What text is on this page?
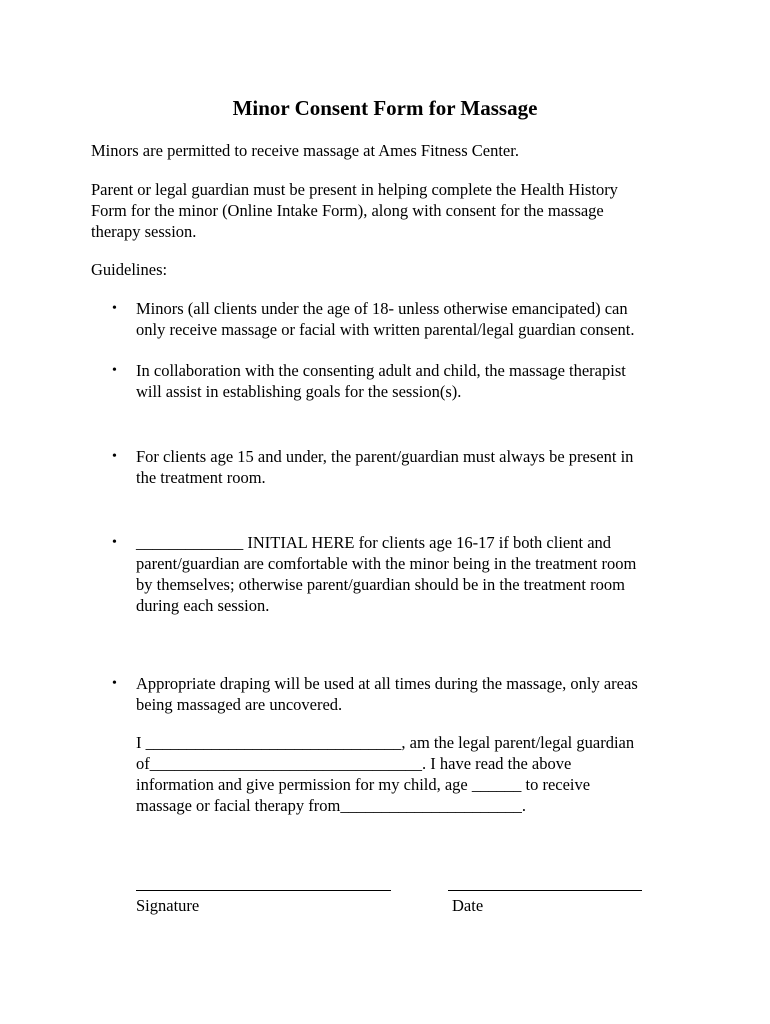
Minor Consent Form for Massage
Minors are permitted to receive massage at Ames Fitness Center.
Parent or legal guardian must be present in helping complete the Health History
Form for the minor (Online Intake Form), along with consent for the massage
therapy session.
Guidelines:
• Minors (all clients under the age of 18- unless otherwise emancipated) can
only receive massage or facial with written parental/legal guardian consent.
• In collaboration with the consenting adult and child, the massage therapist
will assist in establishing goals for the session(s).
• For clients age 15 and under, the parent/guardian must always be present in
the treatment room.
• _____________ INITIAL HERE for clients age 16-17 if both client and
parent/guardian are comfortable with the minor being in the treatment room
by themselves; otherwise parent/guardian should be in the treatment room
during each session.
• Appropriate draping will be used at all times during the massage, only areas
being massaged are uncovered.
I _______________________________, am the legal parent/legal guardian
of_________________________________. I have read the above
information and give permission for my child, age ______ to receive
massage or facial therapy from______________________.
Signature	Date
